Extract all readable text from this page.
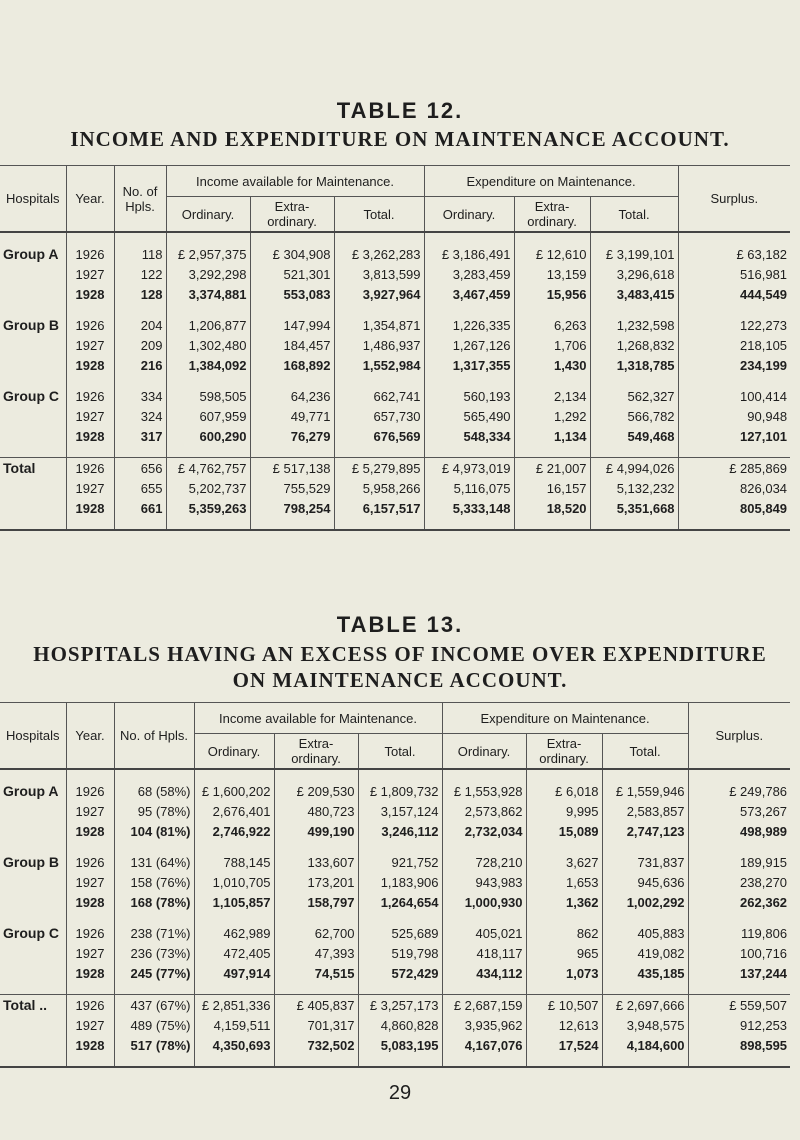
TABLE 12.
INCOME AND EXPENDITURE ON MAINTENANCE ACCOUNT.
Hospitals	Year.	No. of Hpls.	Income available for Maintenance.			Expenditure on Maintenance.			Surplus.
			Ordinary.	Extra-ordinary.	Total.	Ordinary.	Extra-ordinary.	Total.	

Group A	1926	118	£ 2,957,375	£ 304,908	£ 3,262,283	£ 3,186,491	£ 12,610	£ 3,199,101	£ 63,182
	1927	122	3,292,298	521,301	3,813,599	3,283,459	13,159	3,296,618	516,981
	1928	128	3,374,881	553,083	3,927,964	3,467,459	15,956	3,483,415	444,549

Group B	1926	204	1,206,877	147,994	1,354,871	1,226,335	6,263	1,232,598	122,273
	1927	209	1,302,480	184,457	1,486,937	1,267,126	1,706	1,268,832	218,105
	1928	216	1,384,092	168,892	1,552,984	1,317,355	1,430	1,318,785	234,199

Group C	1926	334	598,505	64,236	662,741	560,193	2,134	562,327	100,414
	1927	324	607,959	49,771	657,730	565,490	1,292	566,782	90,948
	1928	317	600,290	76,279	676,569	548,334	1,134	549,468	127,101

Total	1926	656	£ 4,762,757	£ 517,138	£ 5,279,895	£ 4,973,019	£ 21,007	£ 4,994,026	£ 285,869
	1927	655	5,202,737	755,529	5,958,266	5,116,075	16,157	5,132,232	826,034
	1928	661	5,359,263	798,254	6,157,517	5,333,148	18,520	5,351,668	805,849

TABLE 13.
HOSPITALS HAVING AN EXCESS OF INCOME OVER EXPENDITURE
ON MAINTENANCE ACCOUNT.
Hospitals	Year.	No. of Hpls.	Income available for Maintenance.			Expenditure on Maintenance.			Surplus.
			Ordinary.	Extra-ordinary.	Total.	Ordinary.	Extra-ordinary.	Total.	

Group A	1926	68 (58%)	£ 1,600,202	£ 209,530	£ 1,809,732	£ 1,553,928	£ 6,018	£ 1,559,946	£ 249,786
	1927	95 (78%)	2,676,401	480,723	3,157,124	2,573,862	9,995	2,583,857	573,267
	1928	104 (81%)	2,746,922	499,190	3,246,112	2,732,034	15,089	2,747,123	498,989

Group B	1926	131 (64%)	788,145	133,607	921,752	728,210	3,627	731,837	189,915
	1927	158 (76%)	1,010,705	173,201	1,183,906	943,983	1,653	945,636	238,270
	1928	168 (78%)	1,105,857	158,797	1,264,654	1,000,930	1,362	1,002,292	262,362

Group C	1926	238 (71%)	462,989	62,700	525,689	405,021	862	405,883	119,806
	1927	236 (73%)	472,405	47,393	519,798	418,117	965	419,082	100,716
	1928	245 (77%)	497,914	74,515	572,429	434,112	1,073	435,185	137,244

Total ..	1926	437 (67%)	£ 2,851,336	£ 405,837	£ 3,257,173	£ 2,687,159	£ 10,507	£ 2,697,666	£ 559,507
	1927	489 (75%)	4,159,511	701,317	4,860,828	3,935,962	12,613	3,948,575	912,253
	1928	517 (78%)	4,350,693	732,502	5,083,195	4,167,076	17,524	4,184,600	898,595

29
